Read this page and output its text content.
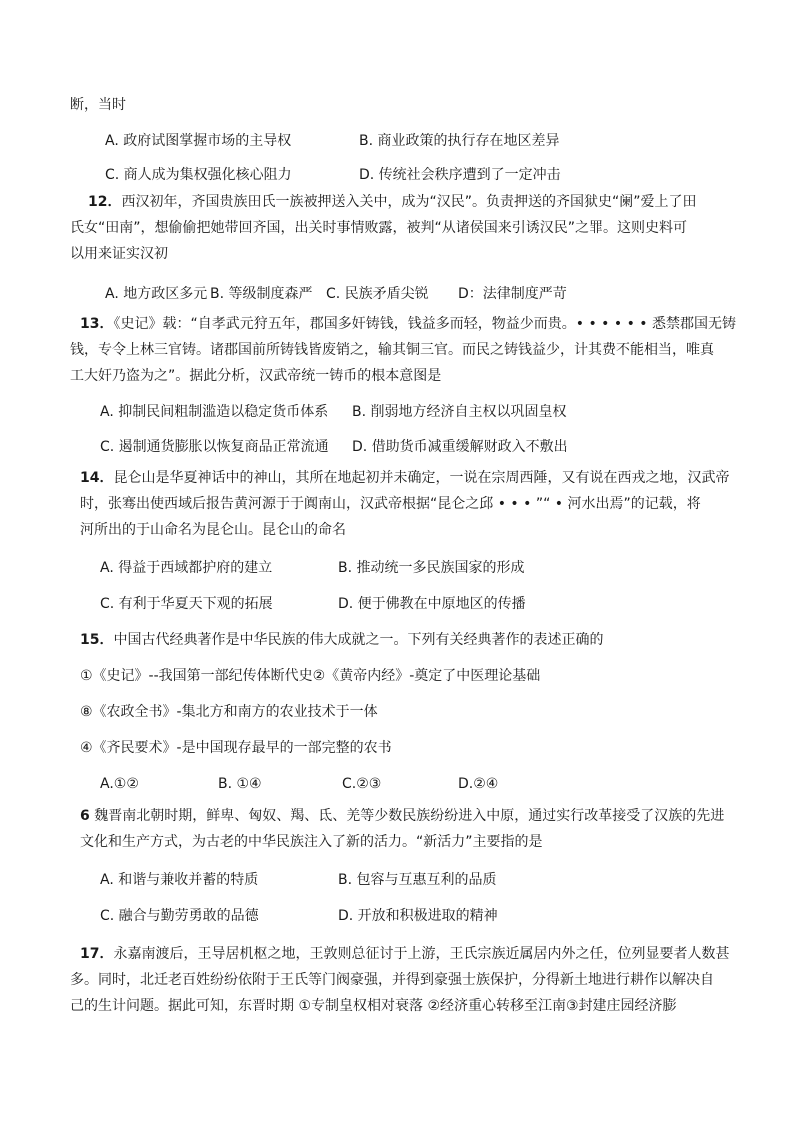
断，当时
A. 政府试图掌握市场的主导权	B. 商业政策的执行存在地区差异
C. 商人成为集权强化核心阻力	D. 传统社会秩序遭到了一定冲击
12．西汉初年，齐国贵族田氏一族被押送入关中，成为“汉民”。负责押送的齐国狱史“阑”爱上了田
氏女“田南”，想偷偷把她带回齐国，出关时事情败露，被判“从诸侯国来引诱汉民”之罪。这则史料可
以用来证实汉初
A. 地方政区多元 B. 等级制度森严 C. 民族矛盾尖锐 D：法律制度严苛
13．《史记》载：“自孝武元狩五年，郡国多奸铸钱，钱益多而轻，物益少而贵。• • • • • • 悉禁郡国无铸
钱，专令上林三官铸。诸郡国前所铸钱皆废销之，输其铜三官。而民之铸钱益少，计其费不能相当，唯真
工大奸乃盗为之”。据此分析，汉武帝统一铸币的根本意图是
A. 抑制民间粗制滥造以稳定货币体系 B. 削弱地方经济自主权以巩固皇权
C. 遏制通货膨胀以恢复商品正常流通 D. 借助货币减重缓解财政入不敷出
14．昆仑山是华夏神话中的神山，其所在地起初并未确定，一说在宗周西陲，又有说在西戎之地，汉武帝
时，张骞出使西域后报告黄河源于于阗南山，汉武帝根据“昆仑之邱 • • • ”“ • 河水出焉”的记载，将
河所出的于山命名为昆仑山。昆仑山的命名
A. 得益于西域都护府的建立	B. 推动统一多民族国家的形成
C. 有利于华夏天下观的拓展	D. 便于佛教在中原地区的传播
15．中国古代经典著作是中华民族的伟大成就之一。下列有关经典著作的表述正确的
①《史记》--我国第一部纪传体断代史②《黄帝内经》-奠定了中医理论基础
⑧《农政全书》-集北方和南方的农业技术于一体
④《齐民要术》-是中国现存最早的一部完整的农书
A.①②	B. ①④	C.②③	D.②④
6 魏晋南北朝时期，鲜卑、匈奴、羯、氐、羌等少数民族纷纷进入中原，通过实行改革接受了汉族的先进
文化和生产方式，为古老的中华民族注入了新的活力。“新活力”主要指的是
A. 和谐与兼收并蓄的特质	B. 包容与互惠互利的品质
C. 融合与勤劳勇敢的品德	D. 开放和积极进取的精神
17．永嘉南渡后，王导居机枢之地，王敦则总征讨于上游，王氏宗族近属居内外之任，位列显要者人数甚
多。同时，北迁老百姓纷纷依附于王氏等门阀豪强，并得到豪强士族保护，分得新土地进行耕作以解决自
己的生计问题。据此可知，东晋时期 ①专制皇权相对衰落 ②经济重心转移至江南③封建庄园经济膨
